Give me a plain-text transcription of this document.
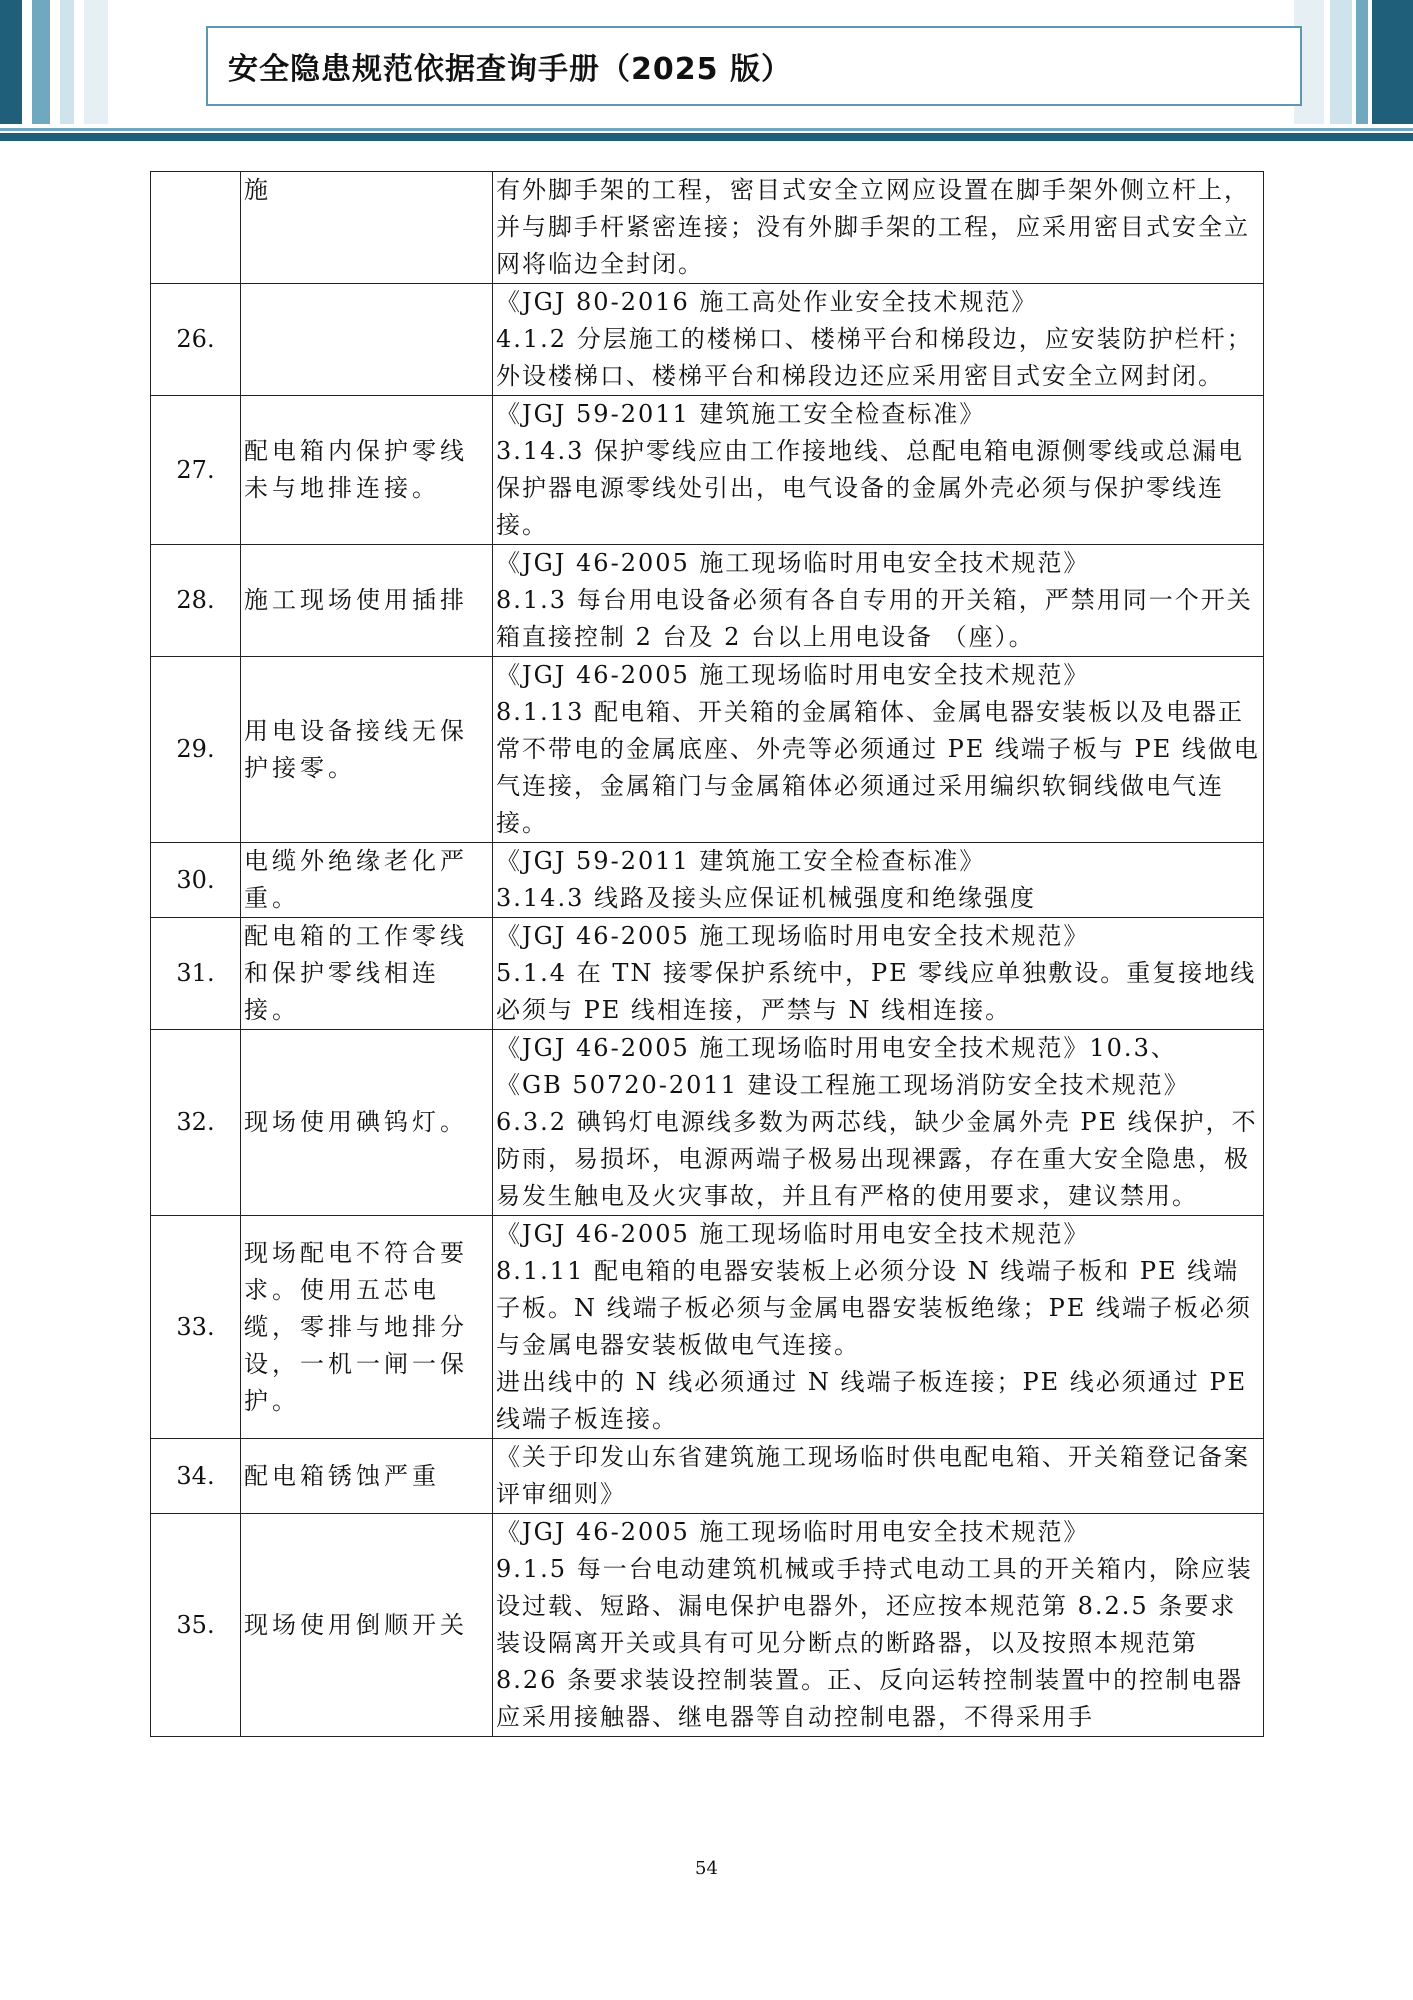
安全隐患规范依据查询手册（2025 版）
	施	有外脚手架的工程，密目式安全立网应设置在脚手架外侧立杆上，并与脚手杆紧密连接；没有外脚手架的工程，应采用密目式安全立网将临边全封闭。

26.		《JGJ 80-2016 施工高处作业安全技术规范》
4.1.2 分层施工的楼梯口、楼梯平台和梯段边，应安装防护栏杆；外设楼梯口、楼梯平台和梯段边还应采用密目式安全立网封闭。

27.	配电箱内保护零线未与地排连接。	《JGJ 59-2011 建筑施工安全检查标准》
3.14.3 保护零线应由工作接地线、总配电箱电源侧零线或总漏电保护器电源零线处引出，电气设备的金属外壳必须与保护零线连接。

28.	施工现场使用插排	《JGJ 46-2005 施工现场临时用电安全技术规范》
8.1.3 每台用电设备必须有各自专用的开关箱，严禁用同一个开关箱直接控制 2 台及 2 台以上用电设备 （座）。

29.	用电设备接线无保护接零。	《JGJ 46-2005 施工现场临时用电安全技术规范》
8.1.13 配电箱、开关箱的金属箱体、金属电器安装板以及电器正常不带电的金属底座、外壳等必须通过 PE 线端子板与 PE 线做电气连接，金属箱门与金属箱体必须通过采用编织软铜线做电气连接。

30.	电缆外绝缘老化严重。	《JGJ 59-2011 建筑施工安全检查标准》
3.14.3 线路及接头应保证机械强度和绝缘强度

31.	配电箱的工作零线和保护零线相连接。	《JGJ 46-2005 施工现场临时用电安全技术规范》
5.1.4 在 TN 接零保护系统中，PE 零线应单独敷设。重复接地线必须与 PE 线相连接，严禁与 N 线相连接。

32.	现场使用碘钨灯。	《JGJ 46-2005 施工现场临时用电安全技术规范》10.3、
《GB 50720-2011 建设工程施工现场消防安全技术规范》
6.3.2 碘钨灯电源线多数为两芯线，缺少金属外壳 PE 线保护，不防雨，易损坏，电源两端子极易出现裸露，存在重大安全隐患，极易发生触电及火灾事故，并且有严格的使用要求，建议禁用。

33.	现场配电不符合要求。使用五芯电缆，零排与地排分设，一机一闸一保护。	《JGJ 46-2005 施工现场临时用电安全技术规范》
8.1.11 配电箱的电器安装板上必须分设 N 线端子板和 PE 线端子板。N 线端子板必须与金属电器安装板绝缘；PE 线端子板必须与金属电器安装板做电气连接。
进出线中的 N 线必须通过 N 线端子板连接；PE 线必须通过 PE 线端子板连接。

34.	配电箱锈蚀严重	《关于印发山东省建筑施工现场临时供电配电箱、开关箱登记备案评审细则》

35.	现场使用倒顺开关	《JGJ 46-2005 施工现场临时用电安全技术规范》
9.1.5 每一台电动建筑机械或手持式电动工具的开关箱内，除应装设过载、短路、漏电保护电器外，还应按本规范第 8.2.5 条要求装设隔离开关或具有可见分断点的断路器，以及按照本规范第 8.26 条要求装设控制装置。正、反向运转控制装置中的控制电器应采用接触器、继电器等自动控制电器，不得采用手
54
